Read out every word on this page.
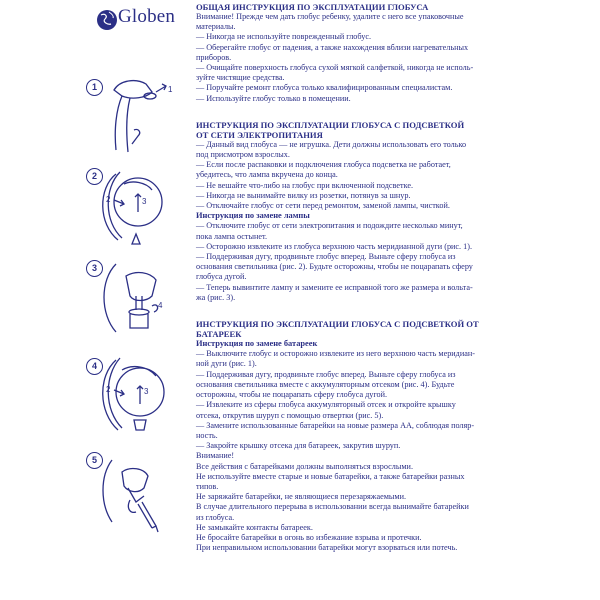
Globen
1
2
3
4
5
1
2	3
4
2	3
ОБЩАЯ ИНСТРУКЦИЯ ПО ЭКСПЛУАТАЦИИ ГЛОБУСА

Внимание! Прежде чем дать глобус ребенку, удалите с него все упаковочные

материалы.

— Никогда не используйте поврежденный глобус.

— Оберегайте глобус от падения, а также нахождения вблизи нагревательных

приборов.

— Очищайте поверхность глобуса сухой мягкой салфеткой, никогда не исполь-

зуйте чистящие средства.

— Поручайте ремонт глобуса только квалифицированным специалистам.

— Используйте глобус только в помещении.

ИНСТРУКЦИЯ ПО ЭКСПЛУАТАЦИИ ГЛОБУСА С ПОДСВЕТКОЙ
ОТ СЕТИ ЭЛЕКТРОПИТАНИЯ

— Данный вид глобуса — не игрушка. Дети должны использовать его только

под присмотром взрослых.

— Если после распаковки и подключения глобуса подсветка не работает,

убедитесь, что лампа вкручена до конца.

— Не вешайте что-либо на глобус при включенной подсветке.

— Никогда не вынимайте вилку из розетки, потянув за шнур.

— Отключайте глобус от сети перед ремонтом, заменой лампы, чисткой.

Инструкция по замене лампы

— Отключите глобус от сети электропитания и подождите несколько минут,

пока лампа остынет.

— Осторожно извлеките из глобуса верхнюю часть меридианной дуги (рис. 1).

— Поддерживая дугу, продвиньте глобус вперед. Выньте сферу глобуса из

основания светильника (рис. 2). Будьте осторожны, чтобы не поцарапать сферу

глобуса дугой.

— Теперь вывинтите лампу и замените ее исправной того же размера и вольта-

жа (рис. 3).

ИНСТРУКЦИЯ ПО ЭКСПЛУАТАЦИИ ГЛОБУСА С ПОДСВЕТКОЙ ОТ
БАТАРЕЕК
Инструкция по замене батареек

— Выключите глобус и осторожно извлеките из него верхнюю часть меридиан-

ной дуги (рис. 1).

— Поддерживая дугу, продвиньте глобус вперед. Выньте сферу глобуса из

основания светильника вместе с аккумуляторным отсеком (рис. 4). Будьте

осторожны, чтобы не поцарапать сферу глобуса дугой.

— Извлеките из сферы глобуса аккумуляторный отсек и откройте крышку

отсека, открутив шуруп с помощью отвертки (рис. 5).

— Замените использованные батарейки на новые размера АА, соблюдая поляр-

ность.

— Закройте крышку отсека для батареек, закрутив шуруп.

Внимание!

Все действия с батарейками должны выполняться взрослыми.

Не используйте вместе старые и новые батарейки, а также батарейки разных

типов.

Не заряжайте батарейки, не являющиеся перезаряжаемыми.

В случае длительного перерыва в использовании всегда вынимайте батарейки

из глобуса.

Не замыкайте контакты батареек.

Не бросайте батарейки в огонь во избежание взрыва и протечки.

При неправильном использовании батарейки могут взорваться или потечь.
